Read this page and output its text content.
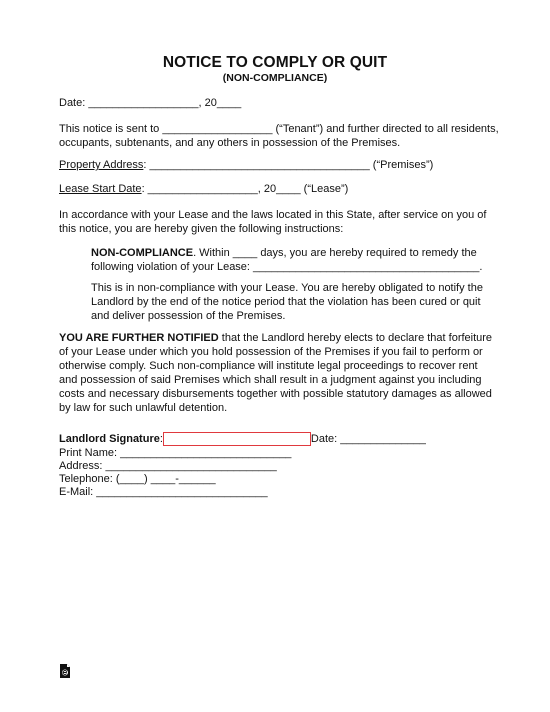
NOTICE TO COMPLY OR QUIT
(NON-COMPLIANCE)
Date: __________________, 20____
This notice is sent to __________________ (“Tenant”) and further directed to all residents, occupants, subtenants, and any others in possession of the Premises.
Property Address: ____________________________________ (“Premises”)
Lease Start Date: __________________, 20____ (“Lease”)
In accordance with your Lease and the laws located in this State, after service on you of this notice, you are hereby given the following instructions:
NON-COMPLIANCE. Within ____ days, you are hereby required to remedy the following violation of your Lease: _____________________________________.
This is in non-compliance with your Lease. You are hereby obligated to notify the Landlord by the end of the notice period that the violation has been cured or quit and deliver possession of the Premises.
YOU ARE FURTHER NOTIFIED that the Landlord hereby elects to declare that forfeiture of your Lease under which you hold possession of the Premises if you fail to perform or otherwise comply. Such non-compliance will institute legal proceedings to recover rent and possession of said Premises which shall result in a judgment against you including costs and necessary disbursements together with possible statutory damages as allowed by law for such unlawful detention.
Landlord Signature:	Date: ______________
Print Name: ____________________________
Address: ____________________________
Telephone: (____) ____-______
E-Mail: ____________________________
